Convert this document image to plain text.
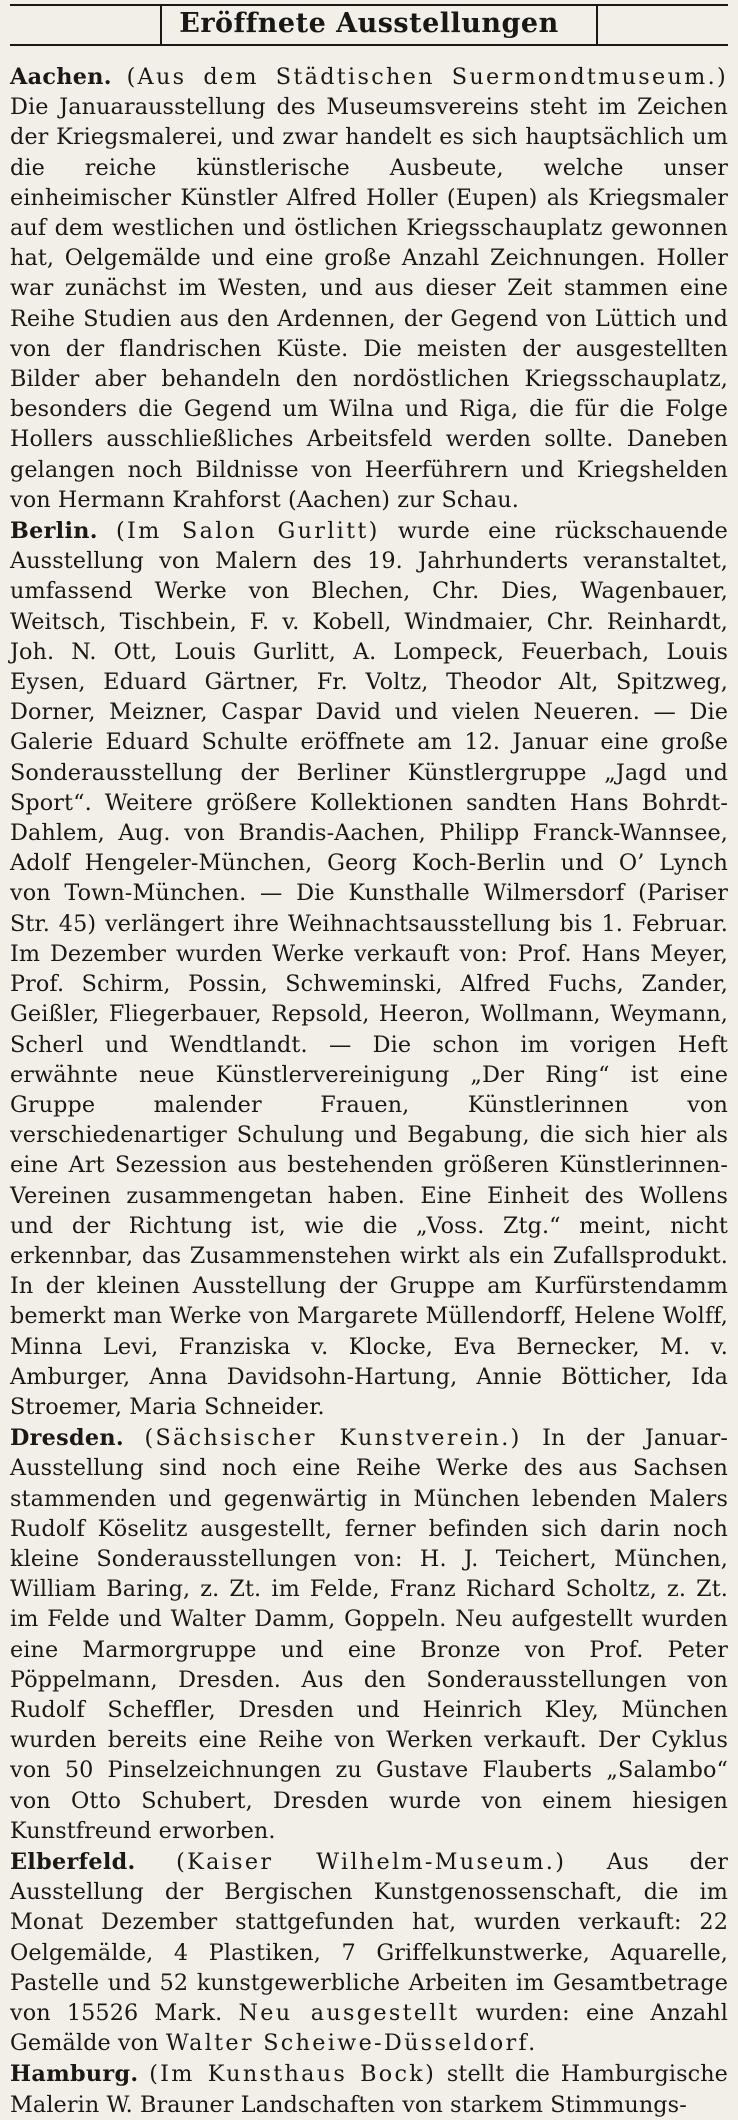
Eröffnete Ausstellungen

Aachen. (Aus dem Städtischen Suermondtmuseum.) Die Januarausstellung des Museumsvereins steht im Zeichen der Kriegsmalerei, und zwar handelt es sich hauptsächlich um die reiche künstlerische Ausbeute, welche unser einheimischer Künstler Alfred Holler (Eupen) als Kriegsmaler auf dem westlichen und östlichen Kriegsschauplatz gewonnen hat, Oelgemälde und eine große Anzahl Zeichnungen. Holler war zunächst im Westen, und aus dieser Zeit stammen eine Reihe Studien aus den Ardennen, der Gegend von Lüttich und von der flandrischen Küste. Die meisten der ausgestellten Bilder aber behandeln den nordöstlichen Kriegsschauplatz, besonders die Gegend um Wilna und Riga, die für die Folge Hollers ausschließliches Arbeitsfeld werden sollte. Daneben gelangen noch Bildnisse von Heerführern und Kriegshelden von Hermann Krahforst (Aachen) zur Schau.

Berlin. (Im Salon Gurlitt) wurde eine rückschauende Ausstellung von Malern des 19. Jahrhunderts veranstaltet, umfassend Werke von Blechen, Chr. Dies, Wagenbauer, Weitsch, Tischbein, F. v. Kobell, Windmaier, Chr. Reinhardt, Joh. N. Ott, Louis Gurlitt, A. Lompeck, Feuerbach, Louis Eysen, Eduard Gärtner, Fr. Voltz, Theodor Alt, Spitzweg, Dorner, Meizner, Caspar David und vielen Neueren. — Die Galerie Eduard Schulte eröffnete am 12. Januar eine große Sonderausstellung der Berliner Künstlergruppe „Jagd und Sport“. Weitere größere Kollektionen sandten Hans Bohrdt-Dahlem, Aug. von Brandis-Aachen, Philipp Franck-Wannsee, Adolf Hengeler-München, Georg Koch-Berlin und O’ Lynch von Town-München. — Die Kunsthalle Wilmersdorf (Pariser Str. 45) verlängert ihre Weihnachtsausstellung bis 1. Februar. Im Dezember wurden Werke verkauft von: Prof. Hans Meyer, Prof. Schirm, Possin, Schweminski, Alfred Fuchs, Zander, Geißler, Fliegerbauer, Repsold, Heeron, Wollmann, Weymann, Scherl und Wendtlandt. — Die schon im vorigen Heft erwähnte neue Künstlervereinigung „Der Ring“ ist eine Gruppe malender Frauen, Künstlerinnen von verschiedenartiger Schulung und Begabung, die sich hier als eine Art Sezession aus bestehenden größeren Künstlerinnen-Vereinen zusammengetan haben. Eine Einheit des Wollens und der Richtung ist, wie die „Voss. Ztg.“ meint, nicht erkennbar, das Zusammenstehen wirkt als ein Zufallsprodukt. In der kleinen Ausstellung der Gruppe am Kurfürstendamm bemerkt man Werke von Margarete Müllendorff, Helene Wolff, Minna Levi, Franziska v. Klocke, Eva Bernecker, M. v. Amburger, Anna Davidsohn-Hartung, Annie Bötticher, Ida Stroemer, Maria Schneider.

Dresden. (Sächsischer Kunstverein.) In der Januar-Ausstellung sind noch eine Reihe Werke des aus Sachsen stammenden und gegenwärtig in München lebenden Malers Rudolf Köselitz ausgestellt, ferner befinden sich darin noch kleine Sonderausstellungen von: H. J. Teichert, München, William Baring, z. Zt. im Felde, Franz Richard Scholtz, z. Zt. im Felde und Walter Damm, Goppeln. Neu aufgestellt wurden eine Marmorgruppe und eine Bronze von Prof. Peter Pöppelmann, Dresden. Aus den Sonderausstellungen von Rudolf Scheffler, Dresden und Heinrich Kley, München wurden bereits eine Reihe von Werken verkauft. Der Cyklus von 50 Pinselzeichnungen zu Gustave Flauberts „Salambo“ von Otto Schubert, Dresden wurde von einem hiesigen Kunstfreund erworben.

Elberfeld. (Kaiser Wilhelm-Museum.) Aus der Ausstellung der Bergischen Kunstgenossenschaft, die im Monat Dezember stattgefunden hat, wurden verkauft: 22 Oelgemälde, 4 Plastiken, 7 Griffelkunstwerke, Aquarelle, Pastelle und 52 kunstgewerbliche Arbeiten im Gesamtbetrage von 15526 Mark. Neu ausgestellt wurden: eine Anzahl Gemälde von Walter Scheiwe-Düsseldorf.

Hamburg. (Im Kunsthaus Bock) stellt die Hamburgische Malerin W. Brauner Landschaften von starkem Stimmungs-
